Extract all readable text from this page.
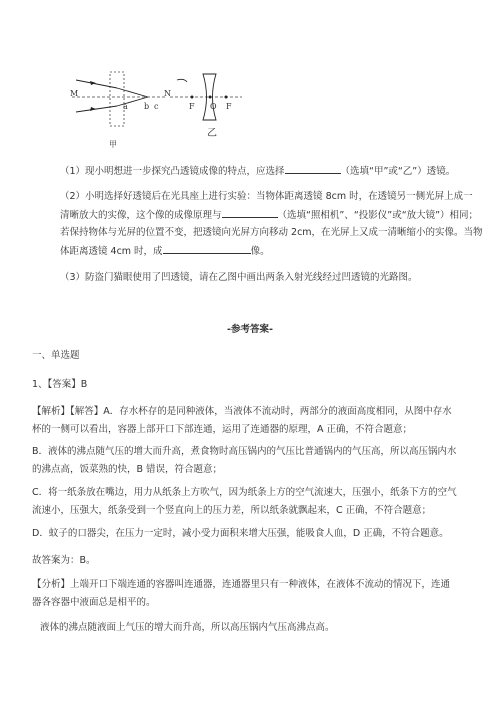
M	N
a b c	F	F
O
甲
乙

（1）现小明想进一步探究凸透镜成像的特点，应选择	（选填“甲”或“乙”）透镜。

（2）小明选择好透镜后在光具座上进行实验：当物体距离透镜 8cm 时，在透镜另一侧光屏上成一

清晰放大的实像，这个像的成像原理与	（选填“照相机”、“投影仪”或“放大镜”）相同；

若保持物体与光屏的位置不变，把透镜向光屏方向移动 2cm，在光屏上又成一清晰缩小的实像。当物

体距离透镜 4cm 时，成	像。

（3）防盗门猫眼使用了凹透镜，请在乙图中画出两条入射光线经过凹透镜的光路图。

-参考答案-

一、单选题

1、【答案】B

【解析】【解答】A．存水杯存的是同种液体，当液体不流动时，两部分的液面高度相同，从图中存水

杯的一侧可以看出，容器上部开口下部连通，运用了连通器的原理，A 正确，不符合题意；

B．液体的沸点随气压的增大而升高，煮食物时高压锅内的气压比普通锅内的气压高，所以高压锅内水

的沸点高，饭菜熟的快，B 错误，符合题意；

C．将一纸条放在嘴边，用力从纸条上方吹气，因为纸条上方的空气流速大，压强小，纸条下方的空气

流速小，压强大，纸条受到一个竖直向上的压力差，所以纸条就飘起来，C 正确，不符合题意；

D．蚊子的口器尖，在压力一定时，减小受力面积来增大压强，能吸食人血，D 正确，不符合题意。

故答案为：B。

【分析】上端开口下端连通的容器叫连通器，连通器里只有一种液体，在液体不流动的情况下，连通

器各容器中液面总是相平的。

液体的沸点随液面上气压的增大而升高，所以高压锅内气压高沸点高。
